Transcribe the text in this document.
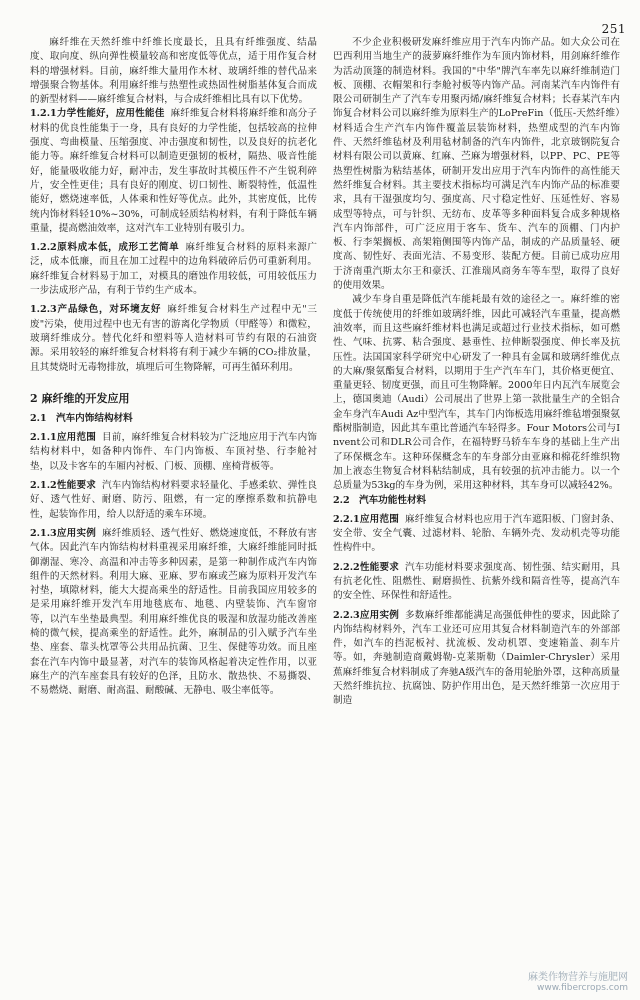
251

麻纤维在天然纤维中纤维长度最长，且具有纤维强度、结晶度、取向度、纵向弹性模量较高和密度低等优点，适于用作复合材料的增强材料。目前，麻纤维大量用作木材、玻璃纤维的替代品来增强聚合物基体。利用麻纤维与热塑性或热固性树脂基体复合而成的新型材料——麻纤维复合材料，与合成纤维相比具有以下优势。

1.2.1力学性能好，应用性能佳 麻纤维复合材料将麻纤维和高分子材料的优良性能集于一身，具有良好的力学性能，包括较高的拉伸强度、弯曲模量、压缩强度、冲击强度和韧性，以及良好的抗老化能力等。麻纤维复合材料可以制造更强韧的板材，隔热、吸音性能好，能量吸收能力好，耐冲击，发生事故时其模压件不产生锐利碎片，安全性更佳；具有良好的刚度、切口韧性、断裂特性，低温性能好，燃烧速率低，人体乘和性好等优点。此外，其密度低，比传统内饰材料轻10%~30%，可制成轻质结构材料，有利于降低车辆重量，提高燃油效率，这对汽车工业特别有吸引力。

1.2.2原料成本低，成形工艺简单 麻纤维复合材料的原料来源广泛，成本低廉，而且在加工过程中的边角料破碎后仍可重新利用。麻纤维复合材料易于加工，对模具的磨蚀作用较低，可用较低压力一步法成形产品，有利于节约生产成本。

1.2.3产品绿色，对环境友好 麻纤维复合材料生产过程中无"三废"污染，使用过程中也无有害的游离化学物质（甲醛等）和微粒，玻璃纤维成分。替代化纤和塑料等人造材料可节约有限的石油资源。采用较轻的麻纤维复合材料将有利于减少车辆的CO₂排放量，且其焚烧时无毒物排放，填埋后可生物降解，可再生循环利用。

2 麻纤维的开发应用

2.1 汽车内饰结构材料

2.1.1应用范围 目前，麻纤维复合材料较为广泛地应用于汽车内饰结构材料中，如备种内饰件、车门内饰板、车顶衬垫、行李舱衬垫，以及卡客车的车厢内衬板、门板、顶棚、座椅背板等。

2.1.2性能要求 汽车内饰结构材料要求轻量化、手感柔软、弹性良好、透气性好、耐磨、防污、阻燃，有一定的摩擦系数和抗静电性，起装饰作用，给人以舒适的乘车环境。

2.1.3应用实例 麻纤维质轻、透气性好、燃烧速度低，不释放有害气体。因此汽车内饰结构材料重视采用麻纤维，大麻纤维能同时抵御潮湿、寒冷、高温和冲击等多种因素，是第一种制作成汽车内饰组件的天然材料。利用大麻、亚麻、罗布麻或苎麻为原料开发汽车衬垫，填隙材料，能大大提高乘坐的舒适性。目前我国应用较多的是采用麻纤维开发汽车用地毯底布、地毯、内壁装饰、汽车窗帘等，以汽车坐垫最典型。利用麻纤维优良的吸湿和放湿功能改善座椅的微气候，提高乘坐的舒适性。此外，麻制品的引入赋予汽车坐垫、座套、靠头枕罩等公共用品抗菌、卫生、保健等功效。而且座套在汽车内饰中最显著，对汽车的装饰风格起着决定性作用，以亚麻生产的汽车座套具有较好的色泽，且防水、散热快、不易撕裂、不易燃烧、耐磨、耐高温、耐酸碱、无静电、吸尘率低等。

不少企业积极研发麻纤维应用于汽车内饰产品。如大众公司在巴西利用当地生产的菠萝麻纤维作为车顶内饰材料，用剑麻纤维作为活动顶篷的制造材料。我国的"中华"牌汽车率先以麻纤维制造门板、顶棚、衣帽架和行李舱衬板等内饰产品。河南某汽车内饰件有限公司研制生产了汽车专用聚丙烯/麻纤维复合材料；长春某汽车内饰复合材料公司以麻纤维为原料生产的LoPreFin（低压-天然纤维）材料适合生产汽车内饰件覆盖层装饰材料，热塑成型的汽车内饰件、天然纤维毡材及利用毡材制备的汽车内饰件，北京玻钢院复合材料有限公司以黄麻、红麻、苎麻为增强材料，以PP、PC、PE等热塑性树脂为粘结基体，研制开发出应用于汽车内饰件的高性能天然纤维复合材料。其主要技术指标均可满足汽车内饰产品的标准要求，具有干湿强度均匀、强度高、尺寸稳定性好、压延性好、容易成型等特点，可与针织、无纺布、皮革等多种面料复合成多种规格汽车内饰部件，可广泛应用于客车、货车、汽车的顶棚、门内护板、行李架搁板、高架箱侧围等内饰产品，制成的产品质量轻、硬度高、韧性好、表面光洁、不易变形、装配方便。目前已成功应用于济南重汽斯太尔王和豪沃、江淮瑞风商务车等车型，取得了良好的使用效果。

减少车身自重是降低汽车能耗最有效的途径之一。麻纤维的密度低于传统使用的纤维如玻璃纤维，因此可减轻汽车重量，提高燃油效率，而且这些麻纤维材料也满足或超过行业技术指标，如可燃性、气味、抗雾、粘合强度、悬垂性、拉伸断裂强度、伸长率及抗压性。法国国家科学研究中心研发了一种具有金属和玻璃纤维优点的大麻/聚氨酯复合材料，以期用于生产汽车车门，其价格更便宜、重量更轻、韧度更强，而且可生物降解。2000年日内瓦汽车展览会上，德国奥迪（Audi）公司展出了世界上第一款批量生产的全铝合金车身汽车Audi Az中型汽车，其车门内饰板选用麻纤维毡增强聚氨酯树脂制造，因此其车重比普通汽车轻得多。Four Motors公司与Invent公司和DLR公司合作，在福特野马轿车车身的基础上生产出了环保概念车。这种环保概念车的车身部分由亚麻和棉花纤维织物加上液态生物复合材料粘结制成，具有较强的抗冲击能力。以一个总质量为53kg的车身为例，采用这种材料，其车身可以减轻42%。

2.2 汽车功能性材料

2.2.1应用范围 麻纤维复合材料也应用于汽车遮阳板、门窗封条、安全带、安全气囊、过滤材料、轮胎、车辆外壳、发动机壳等功能性构件中。

2.2.2性能要求 汽车功能材料要求强度高、韧性强、结实耐用，具有抗老化性、阻燃性、耐磨损性、抗紫外线和隔音性等，提高汽车的安全性、环保性和舒适性。

2.2.3应用实例 多数麻纤维都能满足高强低伸性的要求，因此除了内饰结构材料外，汽车工业还可应用其复合材料制造汽车的外部部件，如汽车的挡泥板衬、扰流板、发动机罩、变速箱盖、刹车片等。如，奔驰制造商戴姆勒-克莱斯勒（Daimler-Chrysler）采用蕉麻纤维复合材料制成了奔驰A级汽车的备用轮胎外罩，这种高质量天然纤维抗拉、抗腐蚀、防护作用出色，是天然纤维第一次应用于制造

麻类作物营养与施肥网
www.fibercrops.com
